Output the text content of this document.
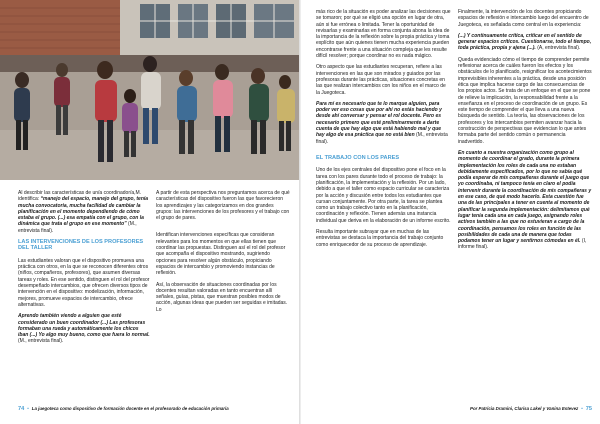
Al describir las características de un/a coordinador/a,M. identifica: “manejo del espacio, manejo del grupo, tenía mucha convocatoria, mucha facilidad de cambiar la planificación en el momento dependiendo de cómo estaba el grupo. (...) esa empatía con el grupo, con la dinámica que trata el grupo en ese momento” (M., entrevista final).

LAS INTERVENCIONES DE LOS PROFESORES DEL TALLER

Las estudiantes valoran que el dispositivo promueva una práctica con otros, en la que se reconocen diferentes otros (niños, compañeros, profesores), que asumen diversas tareas y roles. En ese sentido, distinguen el rol del profesor desempeñado intercambios, que ofrecen diversos tipos de intervención en el dispositivo: modelización, información, mejores, promueve espacios de intercambio, ofrece alternativas.

Aprendo también viendo a alguien que esté considerado un buen coordinador (...) Las profesoras formaban una rueda y automáticamente los chicos iban (...) Yo algo muy bueno, como que fuera lo normal. (M., entrevista final).

A partir de esta perspectiva nos preguntamos acerca de qué características del dispositivo fueron las que favorecieron los aprendizajes y las categorizamos en dos grandes grupos: las intervenciones de los profesores y el trabajo con el grupo de pares.

Identifican intervenciones específicas que consideran relevantes para los momentos en que ellas tienen que coordinar las propuestas. Distinguen así el rol del profesor que acompaña el dispositivo mostrando, sugiriendo opciones para resolver algún obstáculo, propiciando espacios de intercambio y promoviendo instancias de reflexión.

Así, la observación de situaciones coordinadas por los docentes resultan valoradas en tanto encuentran allí señales, guías, pistas, que muestran posibles modos de acción, algunas ideas que pueden ser seguidas e imitadas. Lo

más rico de la situación es poder analizar las decisiones que se tomaron; por qué se eligió una opción en lugar de otra, aún si fue errónea o limitada. Tener la oportunidad de revisarlas y examinarlas en forma conjunta abona la idea de la importancia de la reflexión sobre la propia práctica y toma explícito que aún quienes tienen mucha experiencia pueden encontrarse frente a una situación compleja que les resulte difícil resolver; porque coordinar no es nada mágico.

Otro aspecto que las estudiantes recuperan, refiere a las intervenciones en las que son mirados y guiados por las profesoras durante las prácticas, situaciones concretas en las que realizan intercambios con los niños en el marco de la Juegoteca.

Para mí es necesario que te lo marque alguien, para poder ver eso cosas que por ahí no estás haciendo y desde ahí conversar y pensar el rol docente. Pero es necesario primero que esté preliminarmente a darte cuenta de que hay algo que está habiendo mal y que hay algo de esa práctica que no está bien (M., entrevista final).

EL TRABAJO CON LOS PARES

Uno de los ejes centrales del dispositivo pone el foco en la tarea con los pares durante todo el proceso de trabajo: la planificación, la implementación y la reflexión. Por un lado, debido a que el taller como espacio curricular se caracteriza por la acción y discusión entre todos los estudiantes que cursan conjuntamente. Por otra parte, la tarea se plantea como un trabajo colectivo tanto en la planificación, coordinación y reflexión. Tienen además una instancia individual que deriva en la elaboración de un informe escrito.

Resulta importante subrayar que en muchas de las entrevistas se destaca la importancia del trabajo conjunto como enriquecedor de su proceso de aprendizaje.

Finalmente, la intervención de los docentes propiciando espacios de reflexión e intercambio luego del encuentro de Juegoteca, es señalada como central en la experiencia:

(...) Y continuamente critica, criticar en el sentido de generar espacios críticos. Cuestionarse, todo el tiempo, toda práctica, propia y ajena (...). (A, entrevista final).

Queda evidenciado cómo el tiempo de comprender permite reflexionar acerca de cuáles fueron los efectos y los obstáculos de lo planificado, resignificar los acontecimientos imprevisibles inherentes a la práctica, desde una posición ética que implica hacerse cargo de las consecuencias de los propios actos. Se trata de un enfoque en el que se pone de relieve la implicación, la responsabilidad frente a la enseñanza en el proceso de coordinación de un grupo. Es este tiempo de comprender el que lleva a una nueva búsqueda de sentido. La teoría, las observaciones de los profesores y los intercambios permiten avanzar hacia la construcción de perspectivas que evidencian lo que antes formaba parte del sentido común o permanencia inadvertido.

En cuanto a nuestra organización como grupo al momento de coordinar el grado, durante la primera implementación los roles de cada una no estaban debidamente especificados, por lo que no sabía qué podía esperar de mis compañeras durante el juego que yo coordinaba, ni tampoco tenía en claro el podía intervenir durante la coordinación de mis compañeras y en ese caso, de qué modo hacerlo. Esta cuestión fue una de las principales a tener en cuenta al momento de planificar la segunda implementación: delimitamos qué lugar tenía cada una en cada juego, asignando roles activos también a las que no estuvieran a cargo de la coordinación, pensamos los roles en función de las posibilidades de cada una de manera que todas podamos tener un lugar y sentirnos cómodas en él. (I, informe final).

74 • La juegoteca como dispositivo de formación docente en el profesorado de educación primaria	Por Patricia Dramini, Clarisa Lakel y Vanina Estevez • 75
